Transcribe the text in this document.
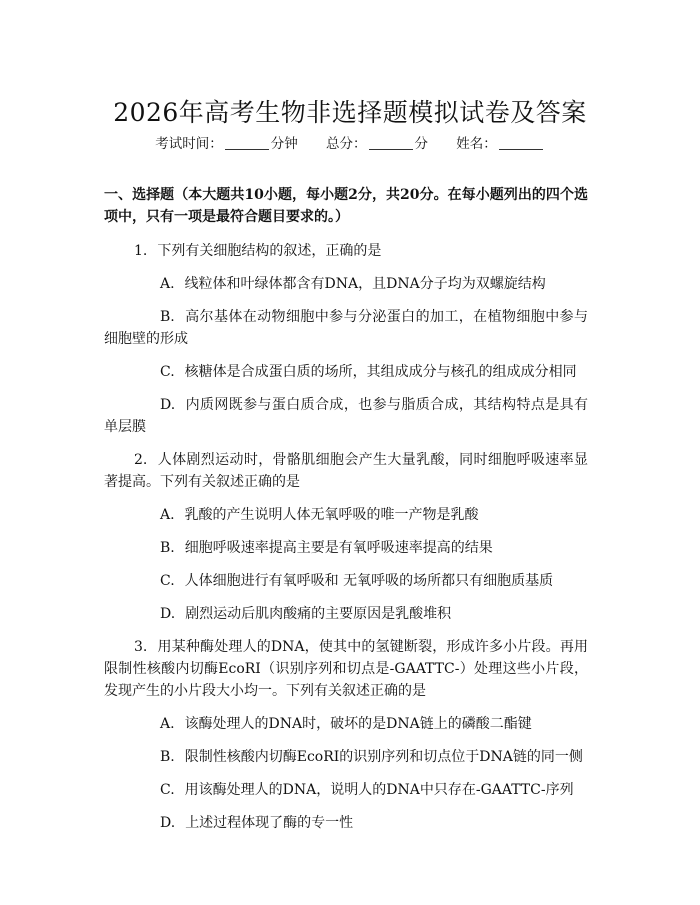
2026年高考生物非选择题模拟试卷及答案
考试时间：	分钟 总分：	分 姓名：

一、选择题（本大题共10小题，每小题2分，共20分。在每小题列出的四个选项中，只有一项是最符合题目要求的。）

1. 下列有关细胞结构的叙述，正确的是

A. 线粒体和叶绿体都含有DNA，且DNA分子均为双螺旋结构

B. 高尔基体在动物细胞中参与分泌蛋白的加工，在植物细胞中参与细胞壁的形成

C. 核糖体是合成蛋白质的场所，其组成成分与核孔的组成成分相同

D. 内质网既参与蛋白质合成，也参与脂质合成，其结构特点是具有单层膜

2. 人体剧烈运动时，骨骼肌细胞会产生大量乳酸，同时细胞呼吸速率显著提高。下列有关叙述正确的是

A. 乳酸的产生说明人体无氧呼吸的唯一产物是乳酸

B. 细胞呼吸速率提高主要是有氧呼吸速率提高的结果

C. 人体细胞进行有氧呼吸和 无氧呼吸的场所都只有细胞质基质

D. 剧烈运动后肌肉酸痛的主要原因是乳酸堆积

3. 用某种酶处理人的DNA，使其中的氢键断裂，形成许多小片段。再用限制性核酸内切酶EcoRI（识别序列和切点是-GAATTC-）处理这些小片段，发现产生的小片段大小均一。下列有关叙述正确的是

A. 该酶处理人的DNA时，破坏的是DNA链上的磷酸二酯键

B. 限制性核酸内切酶EcoRI的识别序列和切点位于DNA链的同一侧

C. 用该酶处理人的DNA，说明人的DNA中只存在-GAATTC-序列

D. 上述过程体现了酶的专一性
